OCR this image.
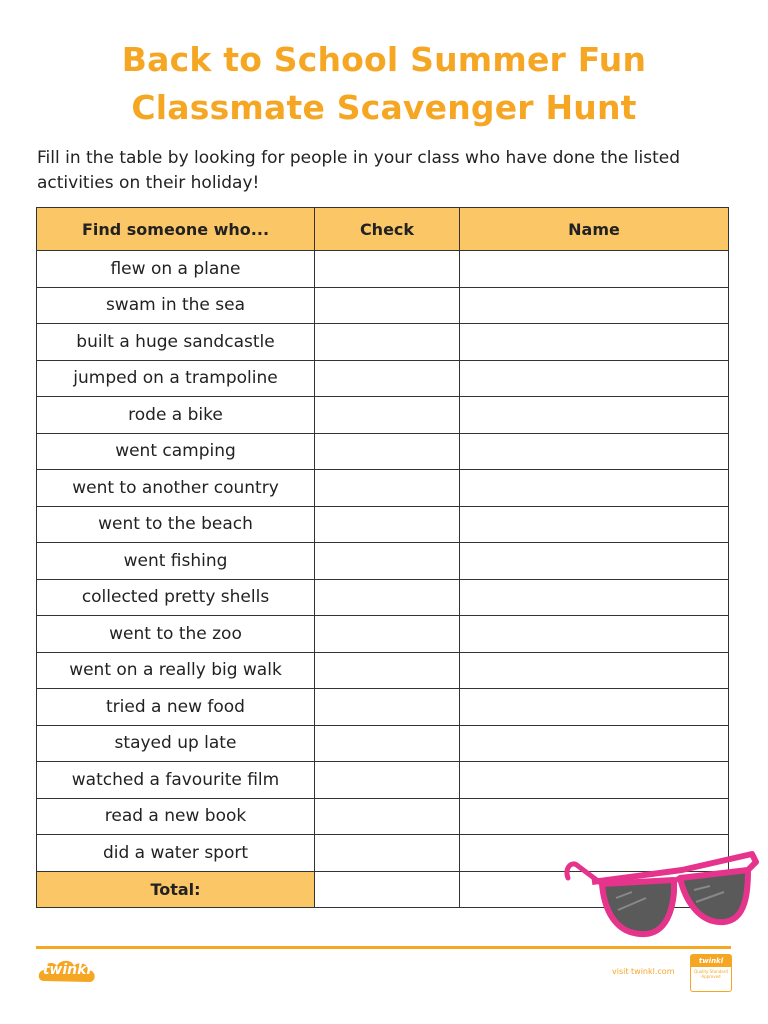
Back to School Summer Fun
Classmate Scavenger Hunt
Fill in the table by looking for people in your class who have done the listed activities on their holiday!
Find someone who...	Check	Name
flew on a plane		
swam in the sea		
built a huge sandcastle		
jumped on a trampoline		
rode a bike		
went camping		
went to another country		
went to the beach		
went fishing		
collected pretty shells		
went to the zoo		
went on a really big walk		
tried a new food		
stayed up late		
watched a favourite film		
read a new book		
did a water sport		
Total:		
twinkl	visit twinkl.com
twinkl
Quality Standard Approved
